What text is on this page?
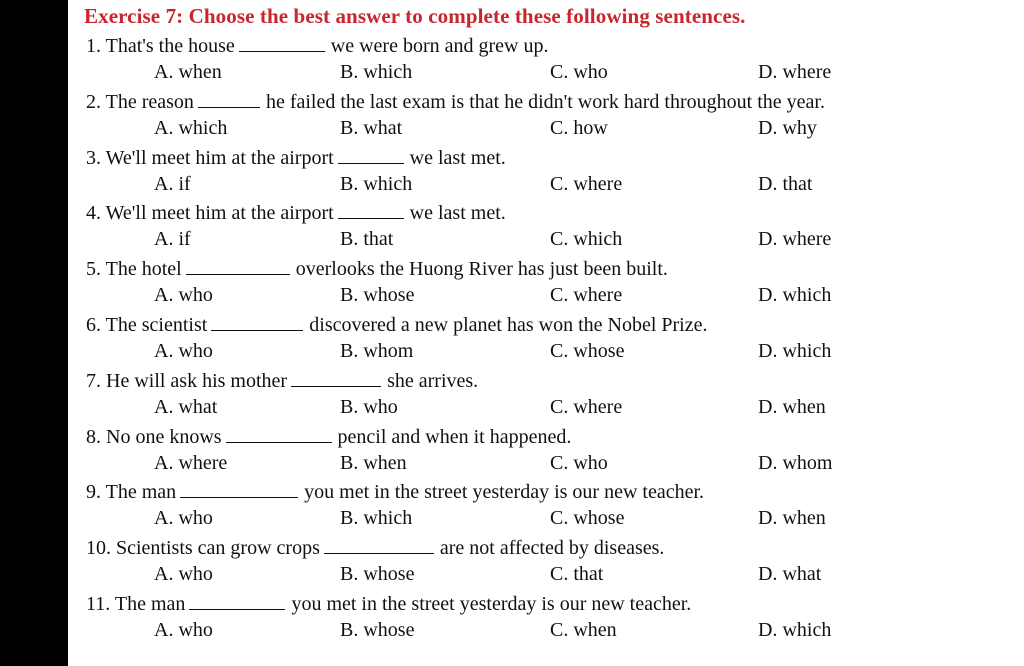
Exercise 7: Choose the best answer to complete these following sentences.
1. That's the house	we were born and grew up.
A. when	B. which	C. who	D. where
2. The reason	he failed the last exam is that he didn't work hard throughout the year.
A. which	B. what	C. how	D. why
3. We'll meet him at the airport	we last met.
A. if	B. which	C. where	D. that
4. We'll meet him at the airport	we last met.
A. if	B. that	C. which	D. where
5. The hotel	overlooks the Huong River has just been built.
A. who	B. whose	C. where	D. which
6. The scientist	discovered a new planet has won the Nobel Prize.
A. who	B. whom	C. whose	D. which
7. He will ask his mother	she arrives.
A. what	B. who	C. where	D. when
8. No one knows	pencil and when it happened.
A. where	B. when	C. who	D. whom
9. The man	you met in the street yesterday is our new teacher.
A. who	B. which	C. whose	D. when
10. Scientists can grow crops	are not affected by diseases.
A. who	B. whose	C. that	D. what
11. The man	you met in the street yesterday is our new teacher.
A. who	B. whose	C. when	D. which
